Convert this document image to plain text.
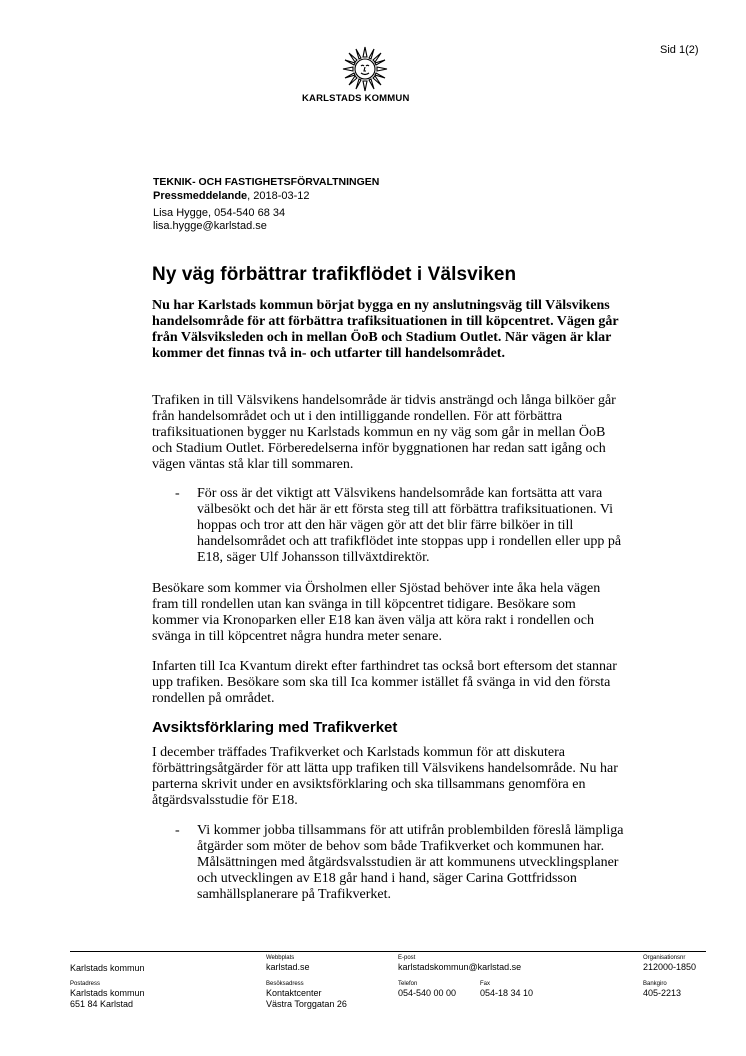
Sid 1(2)
KARLSTADS KOMMUN
TEKNIK- OCH FASTIGHETSFÖRVALTNINGEN
Pressmeddelande, 2018-03-12
Lisa Hygge, 054-540 68 34
lisa.hygge@karlstad.se
Ny väg förbättrar trafikflödet i Välsviken

Nu har Karlstads kommun börjat bygga en ny anslutningsväg till Välsvikens handelsområde för att förbättra trafiksituationen in till köpcentret. Vägen går från Välsviksleden och in mellan ÖoB och Stadium Outlet. När vägen är klar kommer det finnas två in- och utfarter till handelsområdet.

Trafiken in till Välsvikens handelsområde är tidvis ansträngd och långa bilköer går från handelsområdet och ut i den intilliggande rondellen. För att förbättra trafiksituationen bygger nu Karlstads kommun en ny väg som går in mellan ÖoB och Stadium Outlet. Förberedelserna inför byggnationen har redan satt igång och vägen väntas stå klar till sommaren.

- För oss är det viktigt att Välsvikens handelsområde kan fortsätta att vara välbesökt och det här är ett första steg till att förbättra trafiksituationen. Vi hoppas och tror att den här vägen gör att det blir färre bilköer in till handelsområdet och att trafikflödet inte stoppas upp i rondellen eller upp på E18, säger Ulf Johansson tillväxtdirektör.

Besökare som kommer via Örsholmen eller Sjöstad behöver inte åka hela vägen fram till rondellen utan kan svänga in till köpcentret tidigare. Besökare som kommer via Kronoparken eller E18 kan även välja att köra rakt i rondellen och svänga in till köpcentret några hundra meter senare.

Infarten till Ica Kvantum direkt efter farthindret tas också bort eftersom det stannar upp trafiken. Besökare som ska till Ica kommer istället få svänga in vid den första rondellen på området.

Avsiktsförklaring med Trafikverket

I december träffades Trafikverket och Karlstads kommun för att diskutera förbättringsåtgärder för att lätta upp trafiken till Välsvikens handelsområde. Nu har parterna skrivit under en avsiktsförklaring och ska tillsammans genomföra en åtgärdsvalsstudie för E18.

- Vi kommer jobba tillsammans för att utifrån problembilden föreslå lämpliga åtgärder som möter de behov som både Trafikverket och kommunen har. Målsättningen med åtgärdsvalsstudien är att kommunens utvecklingsplaner och utvecklingen av E18 går hand i hand, säger Carina Gottfridsson samhällsplanerare på Trafikverket.
Karlstads kommun
Webbplats
karlstad.se
E-post
karlstadskommun@karlstad.se
Organisationsnr
212000-1850
Postadress
Karlstads kommun
651 84 Karlstad
Besöksadress
Kontaktcenter
Västra Torggatan 26
Telefon
054-540 00 00
Fax
054-18 34 10
Bankgiro
405-2213
